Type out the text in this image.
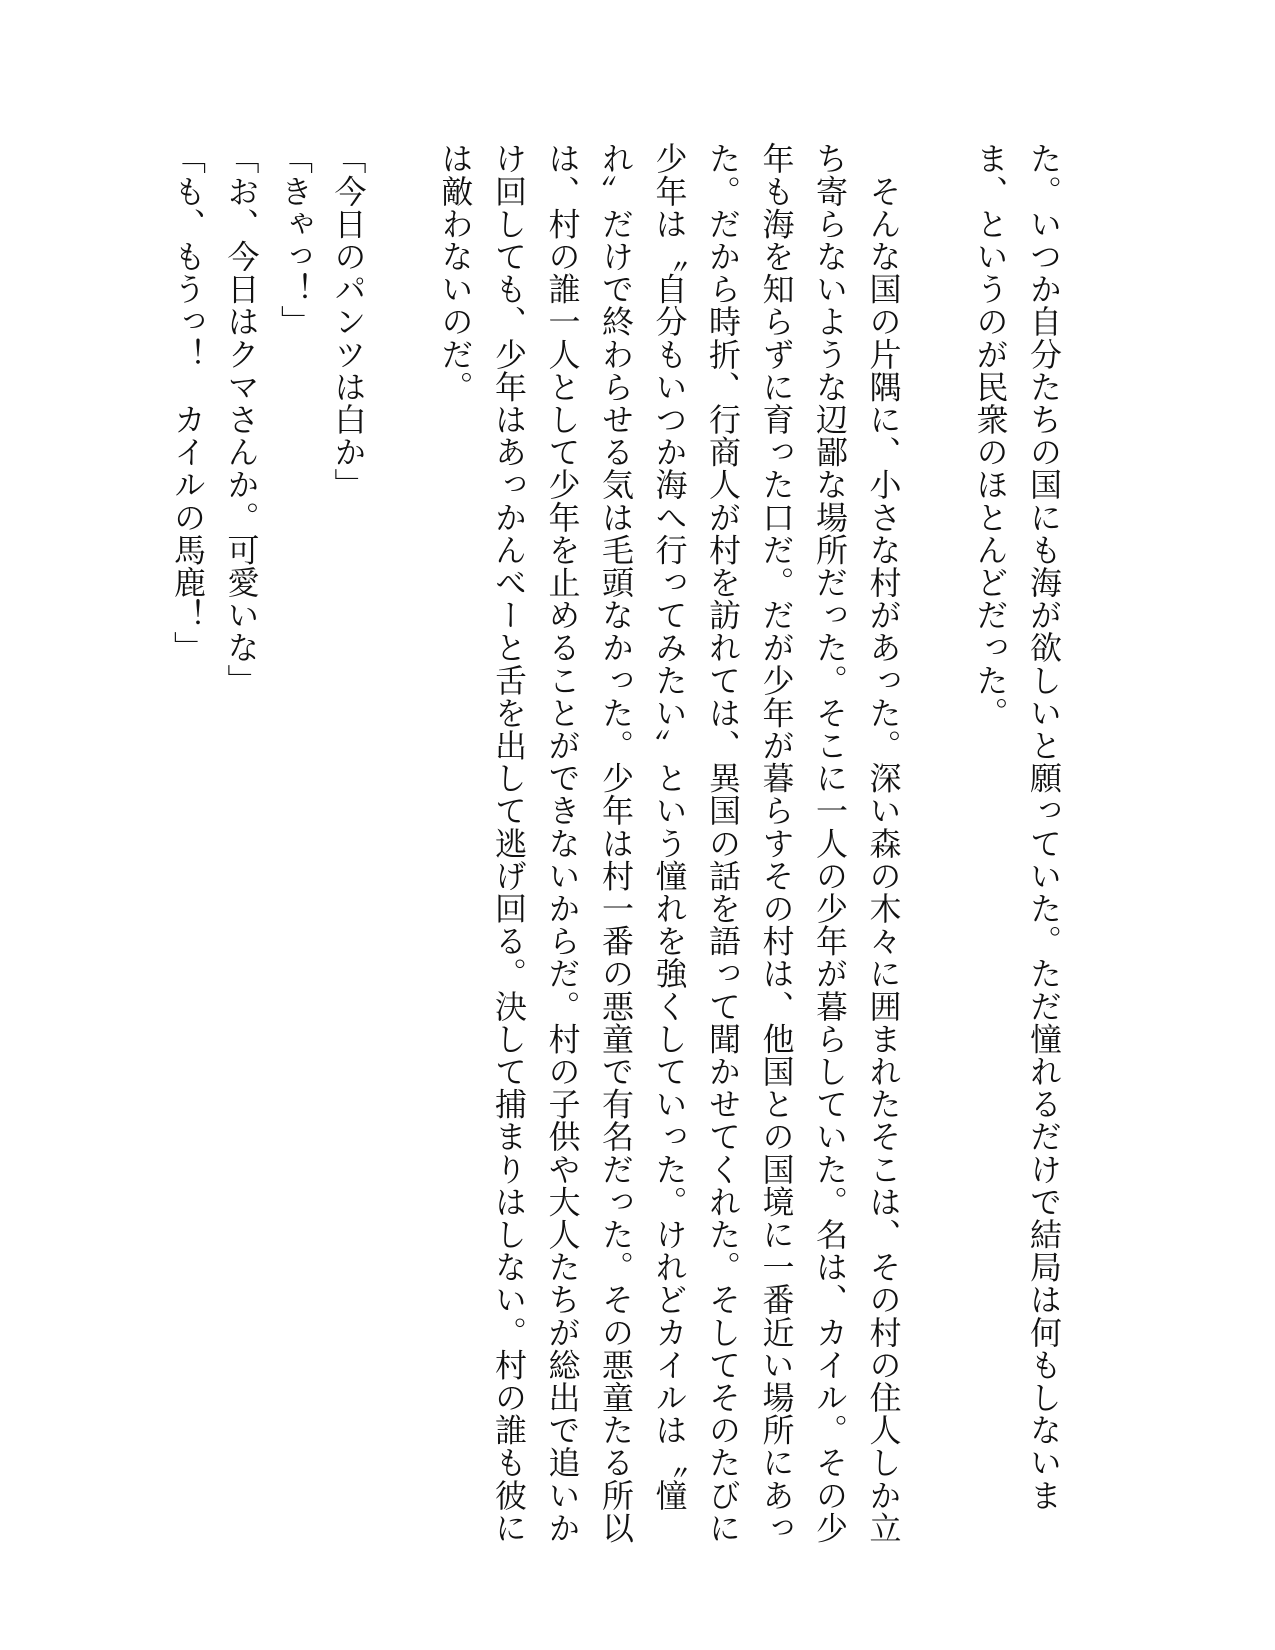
た。いつか自分たちの国にも海が欲しいと願っていた。ただ憧れるだけで結局は何もしないま
ま、というのが民衆のほとんどだった。
　そんな国の片隅に、小さな村があった。深い森の木々に囲まれたそこは、その村の住人しか立
ち寄らないような辺鄙な場所だった。そこに一人の少年が暮らしていた。名は、カイル。その少
年も海を知らずに育った口だ。だが少年が暮らすその村は、他国との国境に一番近い場所にあっ
た。だから時折、行商人が村を訪れては、異国の話を語って聞かせてくれた。そしてそのたびに
少年は〝自分もいつか海へ行ってみたい〟という憧れを強くしていった。けれどカイルは〝憧
れ〟だけで終わらせる気は毛頭なかった。少年は村一番の悪童で有名だった。その悪童たる所以
は、村の誰一人として少年を止めることができないからだ。村の子供や大人たちが総出で追いか
け回しても、少年はあっかんべーと舌を出して逃げ回る。決して捕まりはしない。村の誰も彼に
は敵わないのだ。
「今日のパンツは白か」
「きゃっ！」
「お、今日はクマさんか。可愛いな」
「も、もうっ！　カイルの馬鹿！」
